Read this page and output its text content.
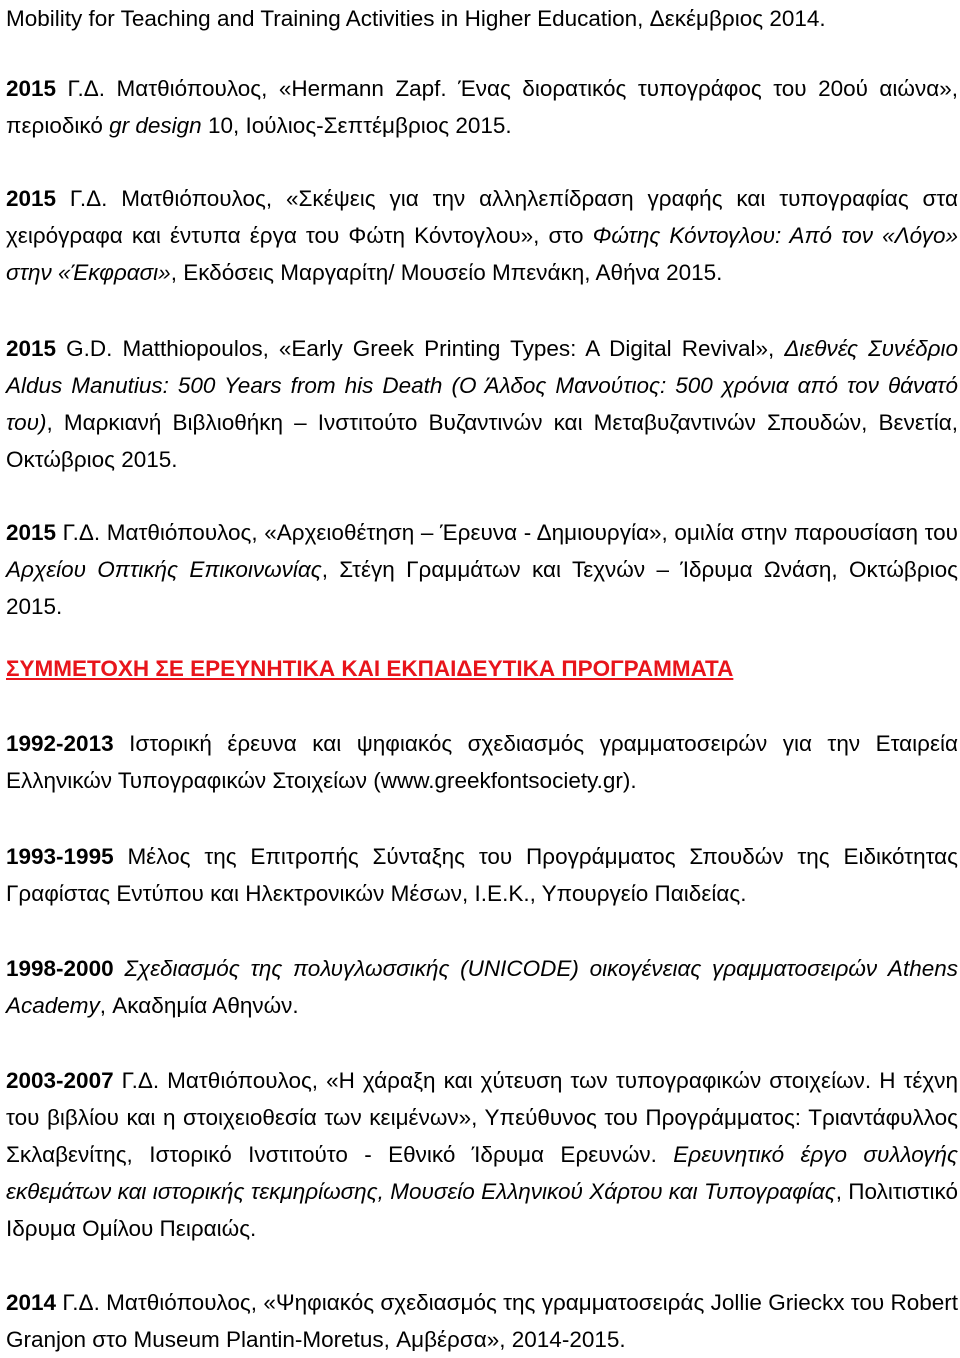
Mobility for Teaching and Training Activities in Higher Education, Δεκέμβριος 2014.

2015 Γ.Δ. Ματθιόπουλος, «Hermann Zapf. Ένας διορατικός τυπογράφος του 20ού αιώνα», περιοδικό gr design 10, Ιούλιος-Σεπτέμβριος 2015.

2015 Γ.Δ. Ματθιόπουλος, «Σκέψεις για την αλληλεπίδραση γραφής και τυπογραφίας στα χειρόγραφα και έντυπα έργα του Φώτη Κόντογλου», στο Φώτης Κόντογλου: Από τον «Λόγο» στην «Έκφρασι», Εκδόσεις Μαργαρίτη/ Μουσείο Μπενάκη, Αθήνα 2015.

2015 G.D. Matthiopoulos, «Early Greek Printing Types: A Digital Revival», Διεθνές Συνέδριο Aldus Manutius: 500 Years from his Death (Ο Άλδος Μανούτιος: 500 χρόνια από τον θάνατό του), Μαρκιανή Βιβλιοθήκη – Ινστιτούτο Βυζαντινών και Μεταβυζαντινών Σπουδών, Βενετία, Οκτώβριος 2015.

2015 Γ.Δ. Ματθιόπουλος, «Αρχειοθέτηση – Έρευνα - Δημιουργία», ομιλία στην παρουσίαση του Αρχείου Οπτικής Επικοινωνίας, Στέγη Γραμμάτων και Τεχνών – Ίδρυμα Ωνάση, Οκτώβριος 2015.

ΣΥΜΜΕΤΟΧΗ ΣΕ ΕΡΕΥΝΗΤΙΚΑ ΚΑΙ ΕΚΠΑΙΔΕΥΤΙΚΑ ΠΡΟΓΡΑΜΜΑΤΑ

1992-2013 Ιστορική έρευνα και ψηφιακός σχεδιασμός γραμματοσειρών για την Εταιρεία Ελληνικών Τυπογραφικών Στοιχείων (www.greekfontsociety.gr).

1993-1995 Μέλος της Επιτροπής Σύνταξης του Προγράμματος Σπουδών της Ειδικότητας Γραφίστας Εντύπου και Ηλεκτρονικών Μέσων, Ι.Ε.Κ., Υπουργείο Παιδείας.

1998-2000 Σχεδιασμός της πολυγλωσσικής (UNICODE) οικογένειας γραμματοσειρών Athens Academy, Ακαδημία Αθηνών.

2003-2007 Γ.Δ. Ματθιόπουλος, «Η χάραξη και χύτευση των τυπογραφικών στοιχείων. Η τέχνη του βιβλίου και η στοιχειοθεσία των κειμένων», Υπεύθυνος του Προγράμματος: Τριαντάφυλλος Σκλαβενίτης, Ιστορικό Ινστιτούτο - Εθνικό Ίδρυμα Ερευνών. Ερευνητικό έργο συλλογής εκθεμάτων και ιστορικής τεκμηρίωσης, Μουσείο Ελληνικού Χάρτου και Τυπογραφίας, Πολιτιστικό Ιδρυμα Ομίλου Πειραιώς.

2014 Γ.Δ. Ματθιόπουλος, «Ψηφιακός σχεδιασμός της γραμματοσειράς Jollie Grieckx του Robert Granjon στο Museum Plantin-Moretus, Αμβέρσα», 2014-2015.
